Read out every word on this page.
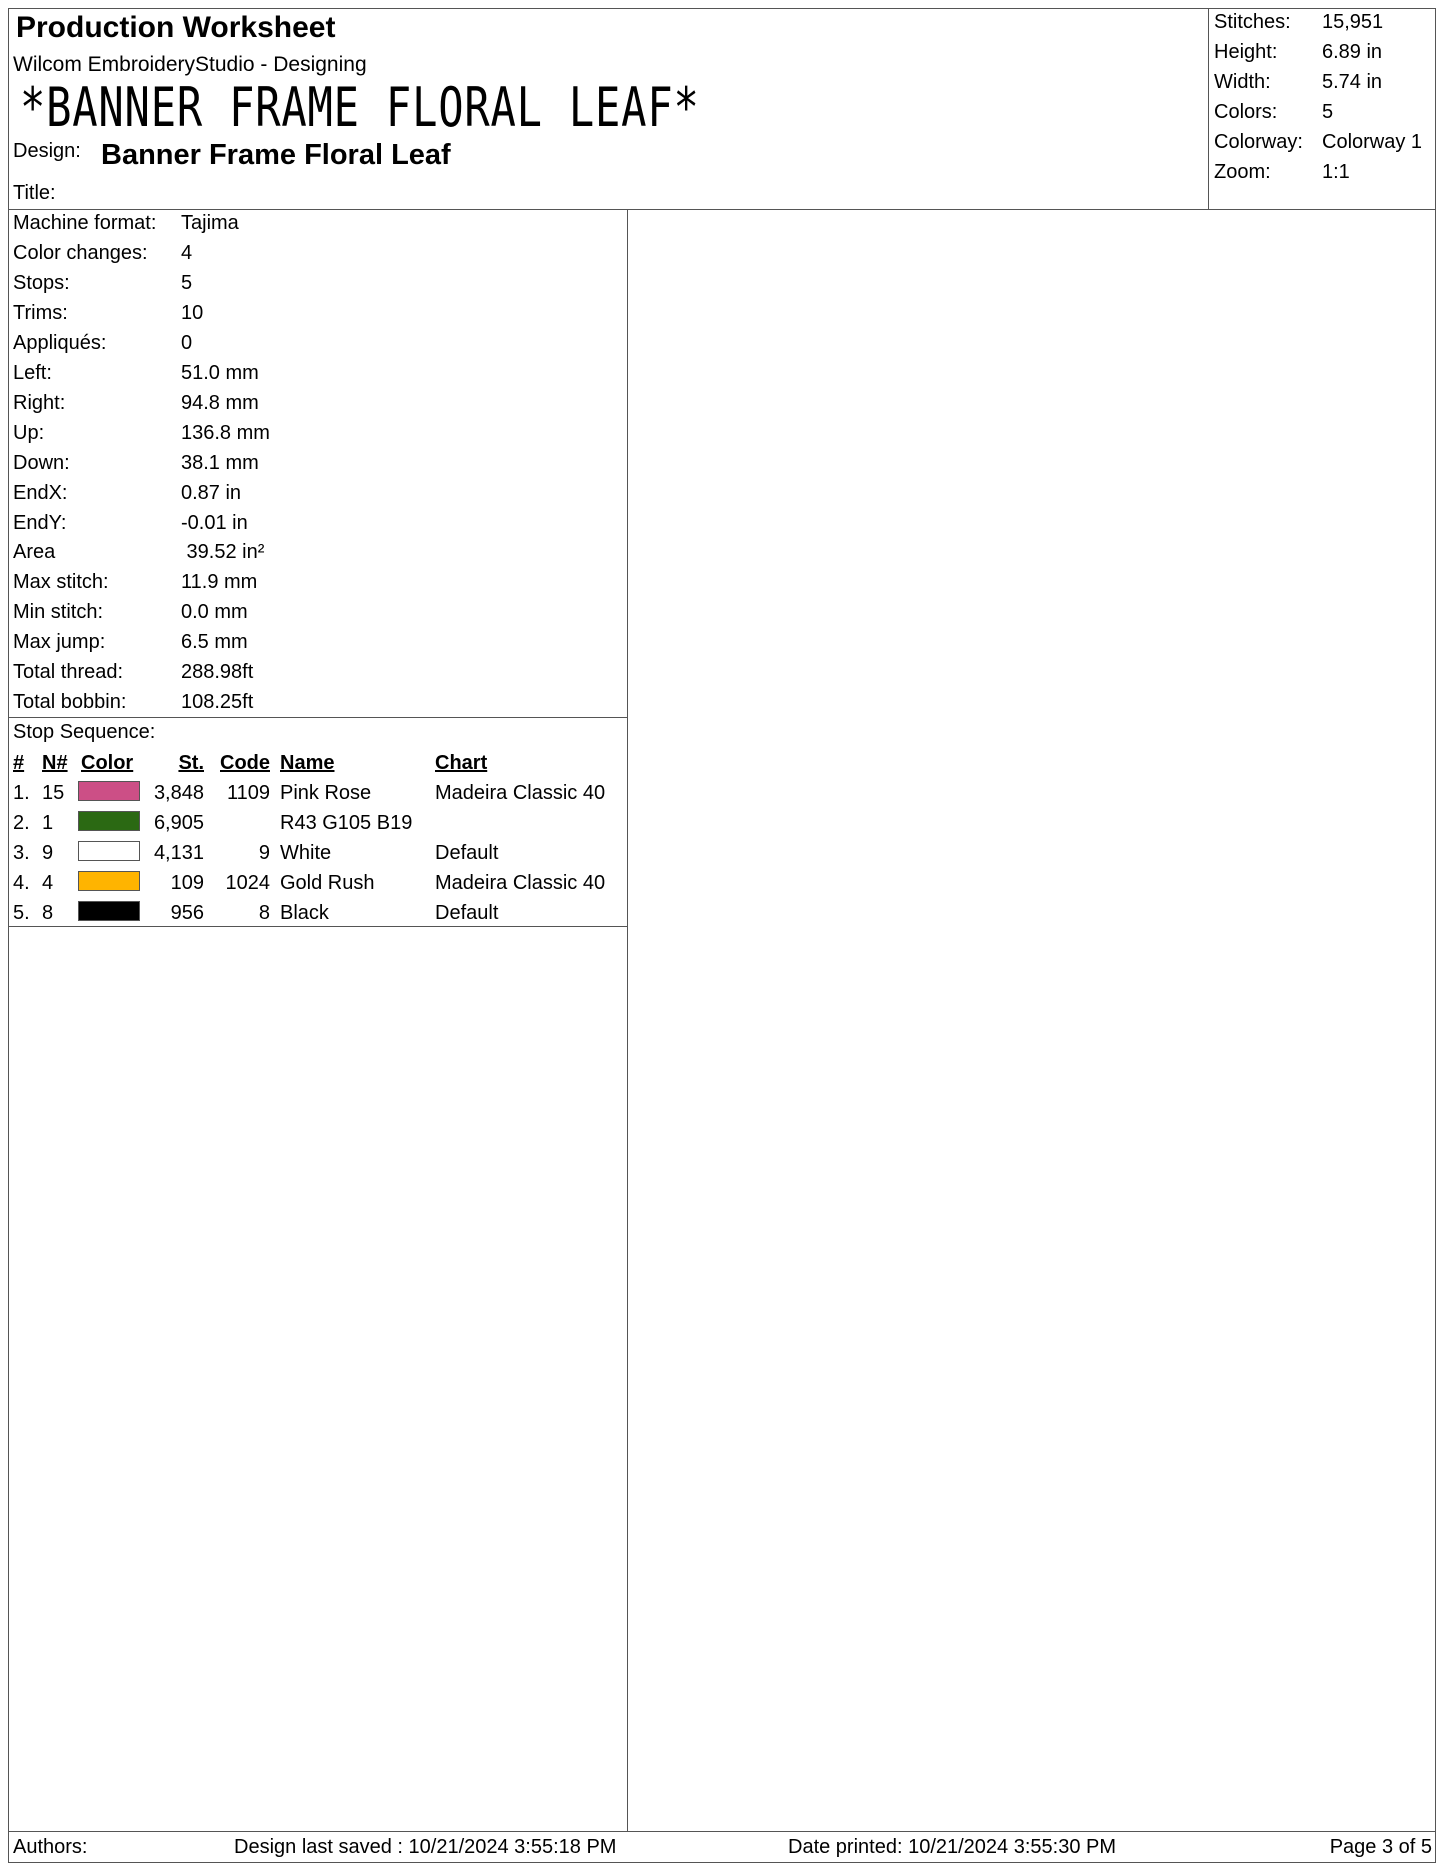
Production Worksheet
Wilcom EmbroideryStudio - Designing
*BANNER FRAME FLORAL LEAF*
Design: Banner Frame Floral Leaf
Title:
Stitches: 15,951
Height: 6.89 in
Width:	5.74 in
Colors: 5
Colorway: Colorway 1
Zoom:	1:1
Machine format: Tajima
Color changes: 4
Stops:	5
Trims:	10
Appliqués:	0
Left:	51.0 mm
Right:	94.8 mm
Up:	136.8 mm
Down:	38.1 mm
EndX:	0.87 in
EndY:	-0.01 in
Area	39.52 in²
Max stitch:	11.9 mm
Min stitch:	0.0 mm
Max jump:	6.5 mm
Total thread:	288.98ft
Total bobbin:	108.25ft
Stop Sequence:
# N# Color	St. Code Name	Chart
1. 15	3,848	1109 Pink Rose	Madeira Classic 40
2. 1	6,905	R43 G105 B19
3. 9	4,131	9 White	Default
4. 4	109	1024 Gold Rush	Madeira Classic 40
5. 8	956	8 Black	Default
Authors:	Design last saved : 10/21/2024 3:55:18 PM	Date printed: 10/21/2024 3:55:30 PM	Page 3 of 5
